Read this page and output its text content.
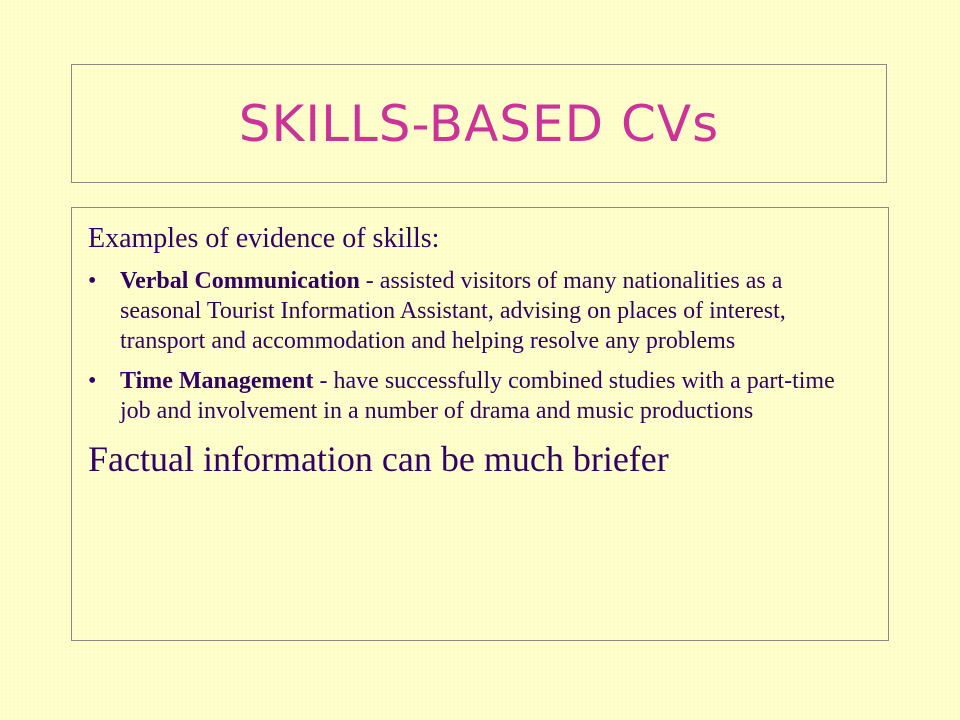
SKILLS-BASED CVs

Examples of evidence of skills:

• Verbal Communication - assisted visitors of many nationalities as a seasonal Tourist Information Assistant, advising on places of interest, transport and accommodation and helping resolve any problems
• Time Management - have successfully combined studies with a part-time job and involvement in a number of drama and music productions

Factual information can be much briefer
